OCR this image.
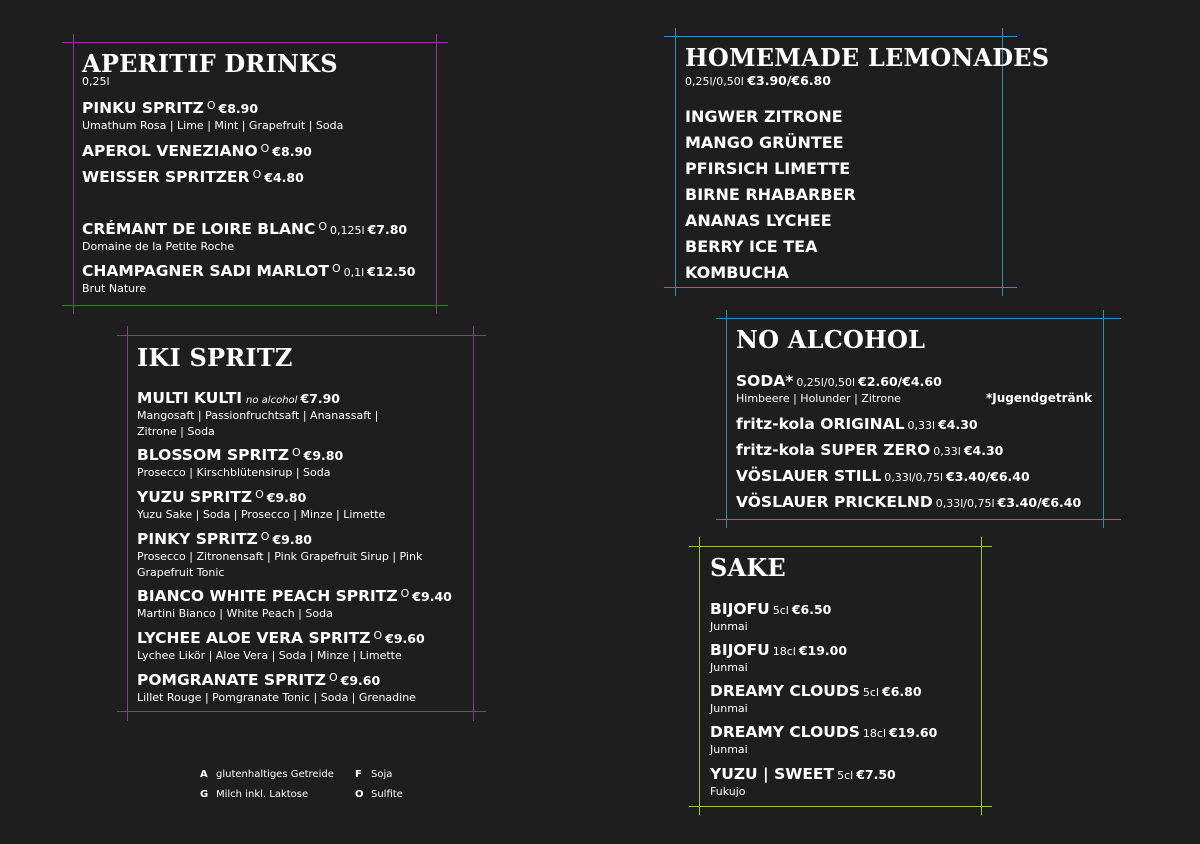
APERITIF DRINKS
0,25l
PINKU SPRITZ $^O$ €8.90
Umathum Rosa | Lime | Mint | Grapefruit | Soda
APEROL VENEZIANO $^O$ €8.90
WEISSER SPRITZER $^O$ €4.80
CRÉMANT DE LOIRE BLANC $^O$ 0,125l €7.80
Domaine de la Petite Roche
CHAMPAGNER SADI MARLOT $^O$ 0,1l €12.50
Brut Nature
IKI SPRITZ
MULTI KULTI no alcohol €7.90
Mangosaft | Passionfruchtsaft | Ananassaft | Zitrone | Soda
BLOSSOM SPRITZ $^O$ €9.80
Prosecco | Kirschblütensirup | Soda
YUZU SPRITZ $^O$ €9.80
Yuzu Sake | Soda | Prosecco | Minze | Limette
PINKY SPRITZ $^O$ €9.80
Prosecco | Zitronensaft | Pink Grapefruit Sirup | Pink Grapefruit Tonic
BIANCO WHITE PEACH SPRITZ $^O$ €9.40
Martini Bianco | White Peach | Soda
LYCHEE ALOE VERA SPRITZ $^O$ €9.60
Lychee Likör | Aloe Vera | Soda | Minze | Limette
POMGRANATE SPRITZ $^O$ €9.60
Lillet Rouge | Pomgranate Tonic | Soda | Grenadine
A glutenhaltiges Getreide F Soja
G Milch inkl. Laktose	O Sulfite
HOMEMADE LEMONADES
0,25l/0,50l €3.90/€6.80
INGWER ZITRONE
MANGO GRÜNTEE
PFIRSICH LIMETTE
BIRNE RHABARBER
ANANAS LYCHEE
BERRY ICE TEA
KOMBUCHA
NO ALCOHOL
SODA* 0,25l/0,50l €2.60/€4.60
Himbeere | Holunder | Zitrone	*Jugendgetränk
fritz-kola ORIGINAL 0,33l €4.30
fritz-kola SUPER ZERO 0,33l €4.30
VÖSLAUER STILL 0,33l/0,75l €3.40/€6.40
VÖSLAUER PRICKELND 0,33l/0,75l €3.40/€6.40
SAKE
BIJOFU 5cl €6.50
Junmai
BIJOFU 18cl €19.00
Junmai
DREAMY CLOUDS 5cl €6.80
Junmai
DREAMY CLOUDS 18cl €19.60
Junmai
YUZU | SWEET 5cl €7.50
Fukujo
